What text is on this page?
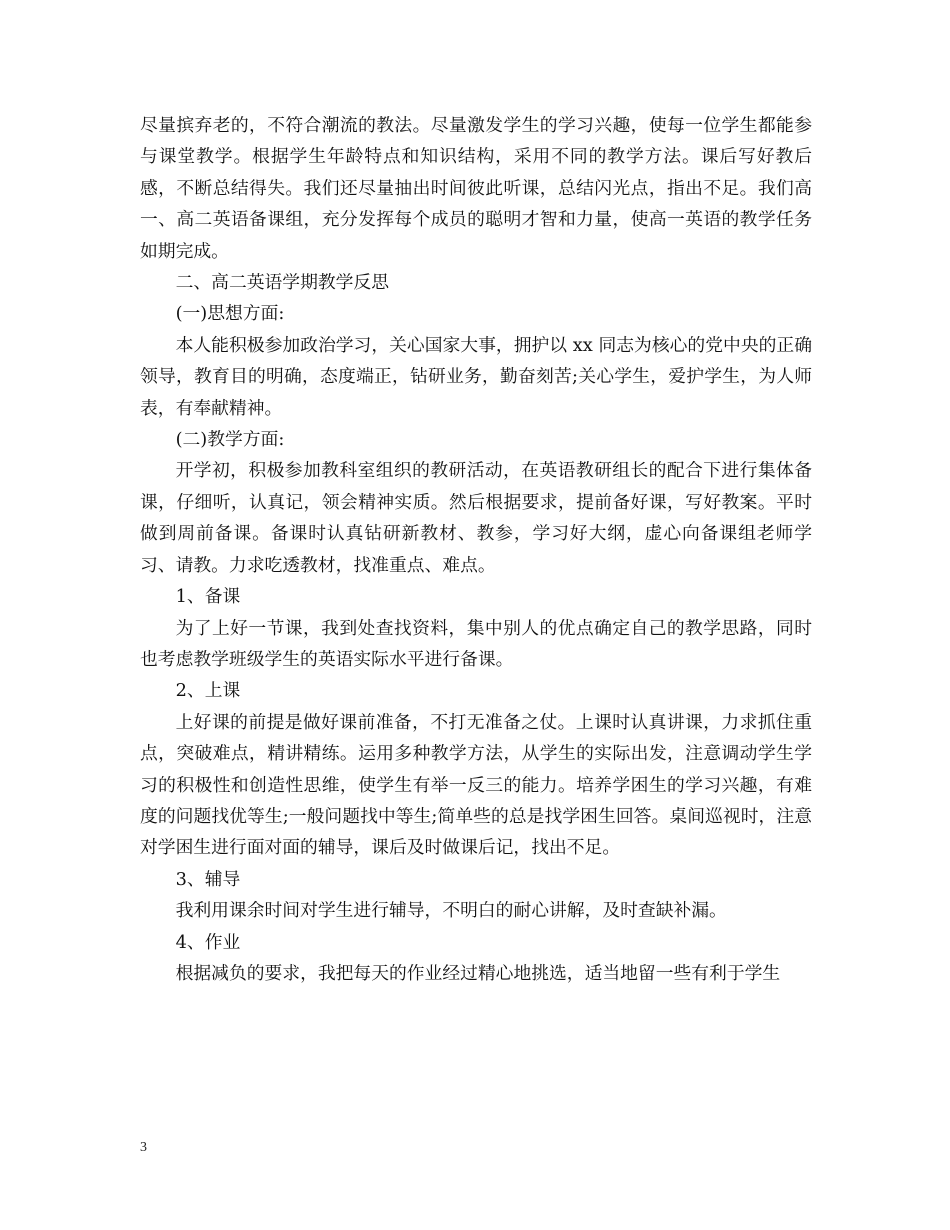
尽量摈弃老的，不符合潮流的教法。尽量激发学生的学习兴趣，使每一位学生都能参与课堂教学。根据学生年龄特点和知识结构，采用不同的教学方法。课后写好教后感，不断总结得失。我们还尽量抽出时间彼此听课，总结闪光点，指出不足。我们高一、高二英语备课组，充分发挥每个成员的聪明才智和力量，使高一英语的教学任务如期完成。

二、高二英语学期教学反思

(一)思想方面:

本人能积极参加政治学习，关心国家大事，拥护以 xx 同志为核心的党中央的正确领导，教育目的明确，态度端正，钻研业务，勤奋刻苦;关心学生，爱护学生，为人师表，有奉献精神。

(二)教学方面:

开学初，积极参加教科室组织的教研活动，在英语教研组长的配合下进行集体备课，仔细听，认真记，领会精神实质。然后根据要求，提前备好课，写好教案。平时做到周前备课。备课时认真钻研新教材、教参，学习好大纲，虚心向备课组老师学习、请教。力求吃透教材，找准重点、难点。

1、备课

为了上好一节课，我到处查找资料，集中别人的优点确定自己的教学思路，同时也考虑教学班级学生的英语实际水平进行备课。

2、上课

上好课的前提是做好课前准备，不打无准备之仗。上课时认真讲课，力求抓住重点，突破难点，精讲精练。运用多种教学方法，从学生的实际出发，注意调动学生学习的积极性和创造性思维，使学生有举一反三的能力。培养学困生的学习兴趣，有难度的问题找优等生;一般问题找中等生;简单些的总是找学困生回答。桌间巡视时，注意对学困生进行面对面的辅导，课后及时做课后记，找出不足。

3、辅导

我利用课余时间对学生进行辅导，不明白的耐心讲解，及时查缺补漏。

4、作业

根据减负的要求，我把每天的作业经过精心地挑选，适当地留一些有利于学生

3
